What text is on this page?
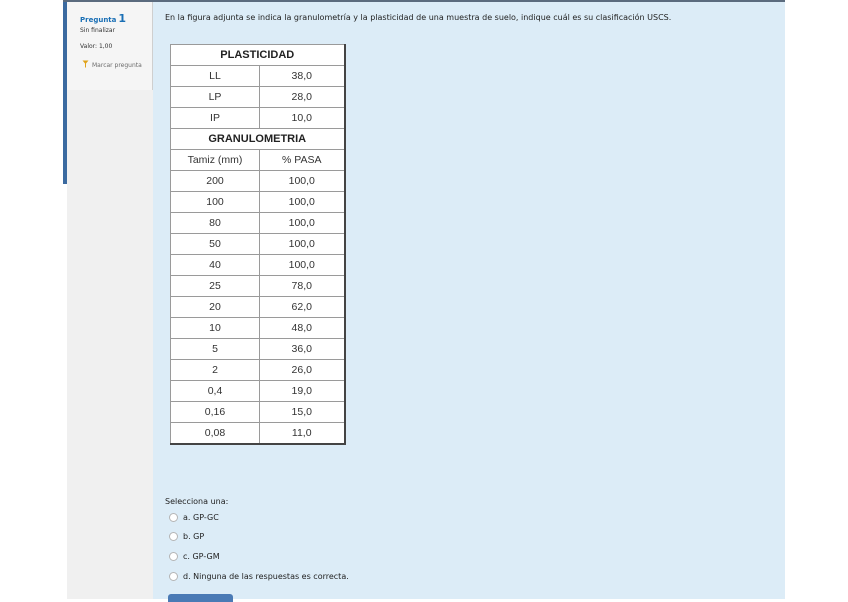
Pregunta 1
Sin finalizar
Valor: 1,00
Marcar pregunta
En la figura adjunta se indica la granulometría y la plasticidad de una muestra de suelo, indique cuál es su clasificación USCS.
PLASTICIDAD	
LL	38,0
LP	28,0
IP	10,0
GRANULOMETRIA	
Tamiz (mm)	% PASA
200	100,0
100	100,0
80	100,0
50	100,0
40	100,0
25	78,0
20	62,0
10	48,0
5	36,0
2	26,0
0,4	19,0
0,16	15,0
0,08	11,0
Selecciona una:
a. GP-GC
b. GP
c. GP-GM
d. Ninguna de las respuestas es correcta.
